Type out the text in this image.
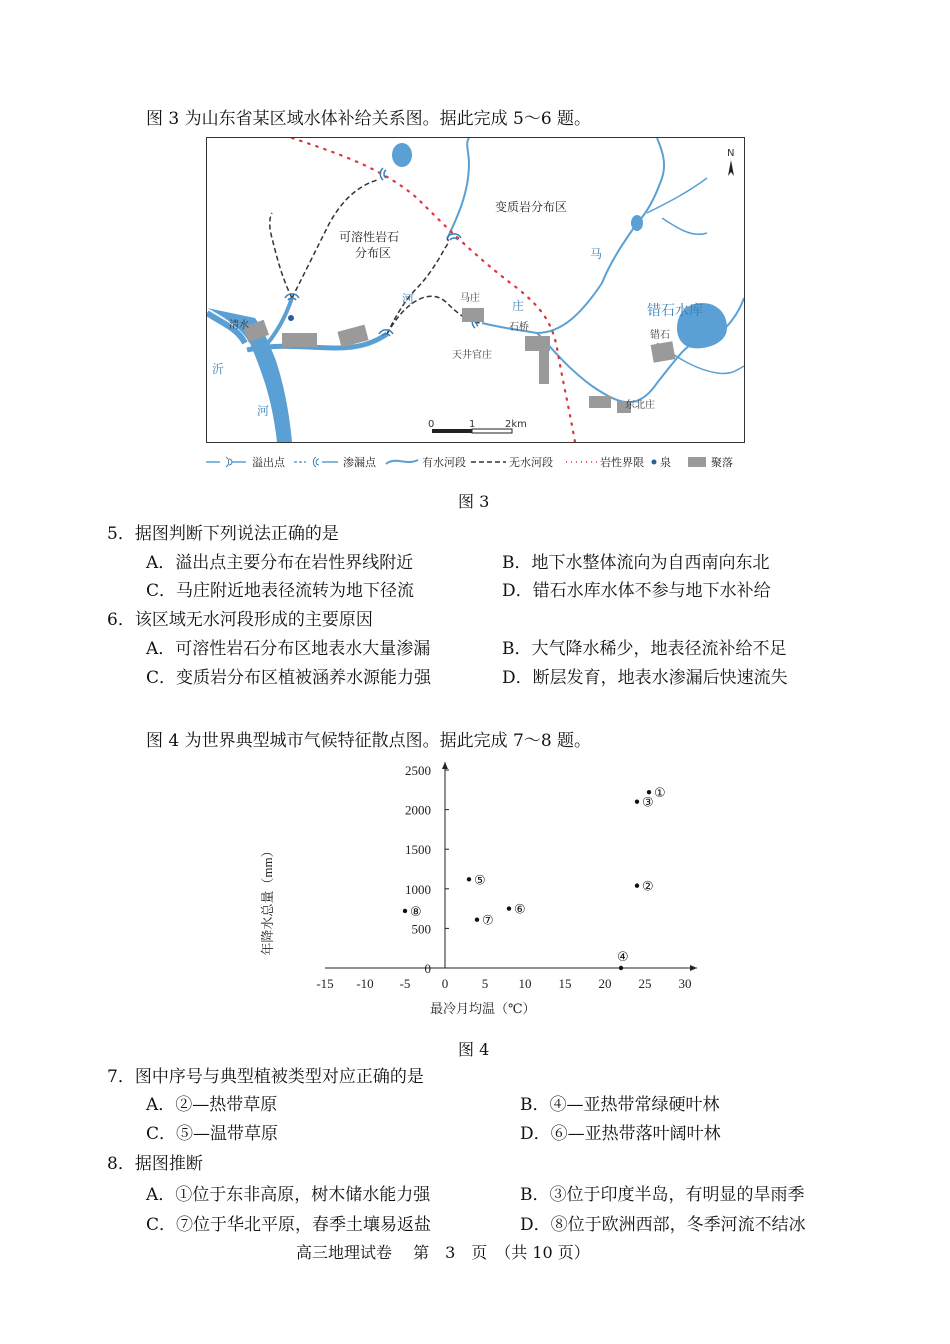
图 3 为山东省某区域水体补给关系图。据此完成 5～6 题。
N
变质岩分布区
可溶性岩石
分布区
清水
马庄
石桥
天井官庄
错石水库
错石
东北庄
沂
河
河	庄
马
0	1	2km
溢出点	渗漏点	有水河段	无水河段	岩性界限 泉	聚落
图 3
5．据图判断下列说法正确的是
A．溢出点主要分布在岩性界线附近	B．地下水整体流向为自西南向东北
C．马庄附近地表径流转为地下径流	D．错石水库水体不参与地下水补给
6．该区域无水河段形成的主要原因
A．可溶性岩石分布区地表水大量渗漏	B．大气降水稀少，地表径流补给不足
C．变质岩分布区植被涵养水源能力强	D．断层发育，地表水渗漏后快速流失
图 4 为世界典型城市气候特征散点图。据此完成 7～8 题。
-15 -10 -5 0	5 10 15 20 25 30
0
500
1000
1500
2000
2500
①
②
③
④
⑤
⑥
⑦
⑧
最冷月均温（℃）
年降水总量（mm）
图 4
7．图中序号与典型植被类型对应正确的是
A．②—热带草原	B．④—亚热带常绿硬叶林
C．⑤—温带草原	D．⑥—亚热带落叶阔叶林
8．据图推断
A．①位于东非高原，树木储水能力强	B．③位于印度半岛，有明显的旱雨季
C．⑦位于华北平原，春季土壤易返盐	D．⑧位于欧洲西部，冬季河流不结冰
高三地理试卷　 第　3　页　（共 10 页）
